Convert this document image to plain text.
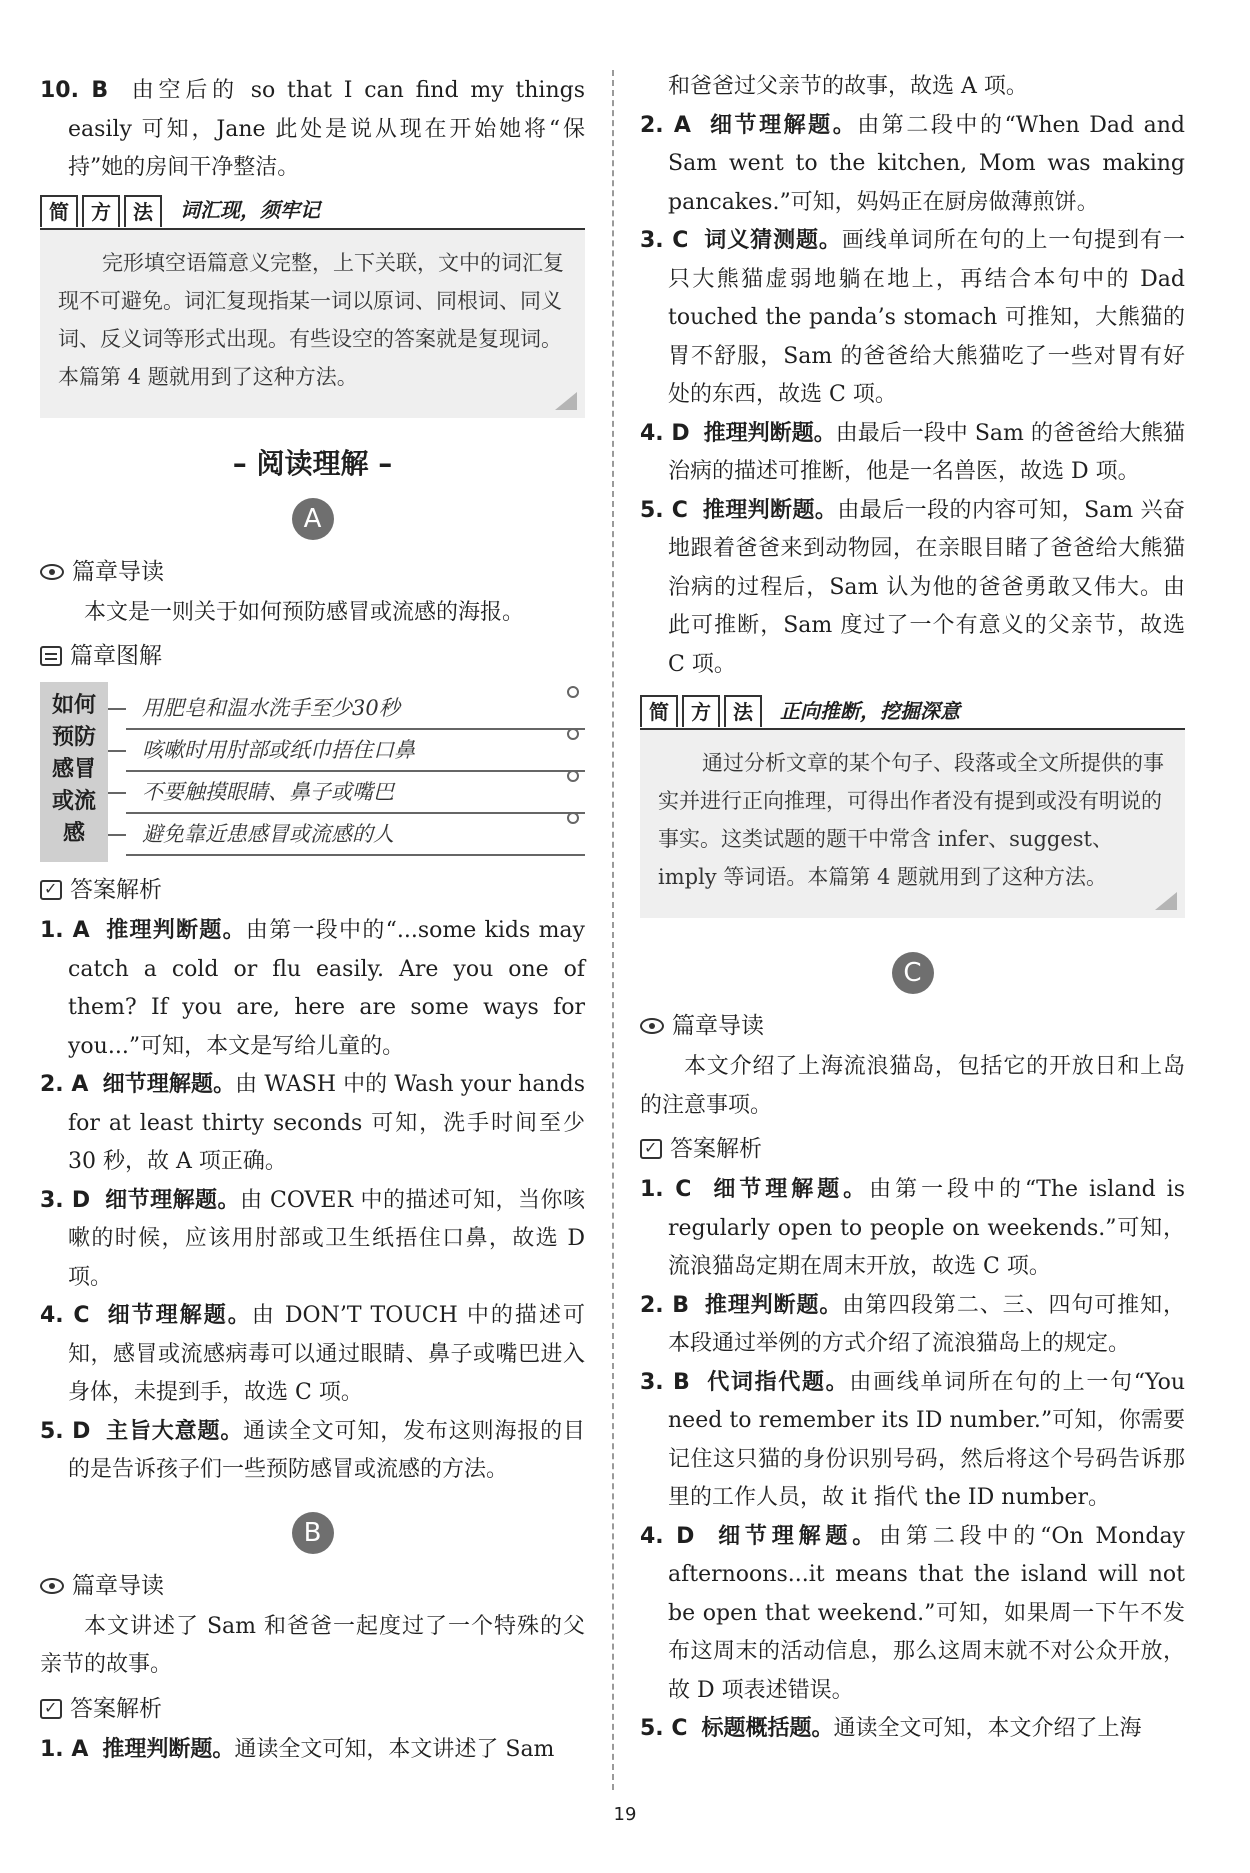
10. B 由空后的 so that I can find my things easily 可知，Jane 此处是说从现在开始她将“保持”她的房间干净整洁。

简	方	法	词汇现，须牢记
完形填空语篇意义完整，上下关联，文中的词汇复现不可避免。词汇复现指某一词以原词、同根词、同义词、反义词等形式出现。有些设空的答案就是复现词。本篇第 4 题就用到了这种方法。
– 阅读理解 –
A
篇章导读

本文是一则关于如何预防感冒或流感的海报。

篇章图解
如何预防感冒或流感
用肥皂和温水洗手至少30秒
咳嗽时用肘部或纸巾捂住口鼻
不要触摸眼睛、鼻子或嘴巴
避免靠近患感冒或流感的人
✓
答案解析

1. A 推理判断题。由第一段中的“...some kids may catch a cold or flu easily. Are you one of them? If you are, here are some ways for you...”可知，本文是写给儿童的。

2. A 细节理解题。由 WASH 中的 Wash your hands for at least thirty seconds 可知，洗手时间至少 30 秒，故 A 项正确。

3. D 细节理解题。由 COVER 中的描述可知，当你咳嗽的时候，应该用肘部或卫生纸捂住口鼻，故选 D 项。

4. C 细节理解题。由 DON’T TOUCH 中的描述可知，感冒或流感病毒可以通过眼睛、鼻子或嘴巴进入身体，未提到手，故选 C 项。

5. D 主旨大意题。通读全文可知，发布这则海报的目的是告诉孩子们一些预防感冒或流感的方法。

B
篇章导读

本文讲述了 Sam 和爸爸一起度过了一个特殊的父亲节的故事。

✓
答案解析

1. A 推理判断题。通读全文可知，本文讲述了 Sam

和爸爸过父亲节的故事，故选 A 项。

2. A 细节理解题。由第二段中的“When Dad and Sam went to the kitchen, Mom was making pancakes.”可知，妈妈正在厨房做薄煎饼。

3. C 词义猜测题。画线单词所在句的上一句提到有一只大熊猫虚弱地躺在地上，再结合本句中的 Dad touched the panda’s stomach 可推知，大熊猫的胃不舒服，Sam 的爸爸给大熊猫吃了一些对胃有好处的东西，故选 C 项。

4. D 推理判断题。由最后一段中 Sam 的爸爸给大熊猫治病的描述可推断，他是一名兽医，故选 D 项。

5. C 推理判断题。由最后一段的内容可知，Sam 兴奋地跟着爸爸来到动物园，在亲眼目睹了爸爸给大熊猫治病的过程后，Sam 认为他的爸爸勇敢又伟大。由此可推断，Sam 度过了一个有意义的父亲节，故选 C 项。

简	方	法	正向推断，挖掘深意
通过分析文章的某个句子、段落或全文所提供的事实并进行正向推理，可得出作者没有提到或没有明说的事实。这类试题的题干中常含 infer、suggest、imply 等词语。本篇第 4 题就用到了这种方法。
C
篇章导读

本文介绍了上海流浪猫岛，包括它的开放日和上岛的注意事项。

✓
答案解析

1. C 细节理解题。由第一段中的“The island is regularly open to people on weekends.”可知，流浪猫岛定期在周末开放，故选 C 项。

2. B 推理判断题。由第四段第二、三、四句可推知，本段通过举例的方式介绍了流浪猫岛上的规定。

3. B 代词指代题。由画线单词所在句的上一句“You need to remember its ID number.”可知，你需要记住这只猫的身份识别号码，然后将这个号码告诉那里的工作人员，故 it 指代 the ID number。

4. D 细节理解题。由第二段中的“On Monday afternoons...it means that the island will not be open that weekend.”可知，如果周一下午不发布这周末的活动信息，那么这周末就不对公众开放，故 D 项表述错误。

5. C 标题概括题。通读全文可知，本文介绍了上海

19
